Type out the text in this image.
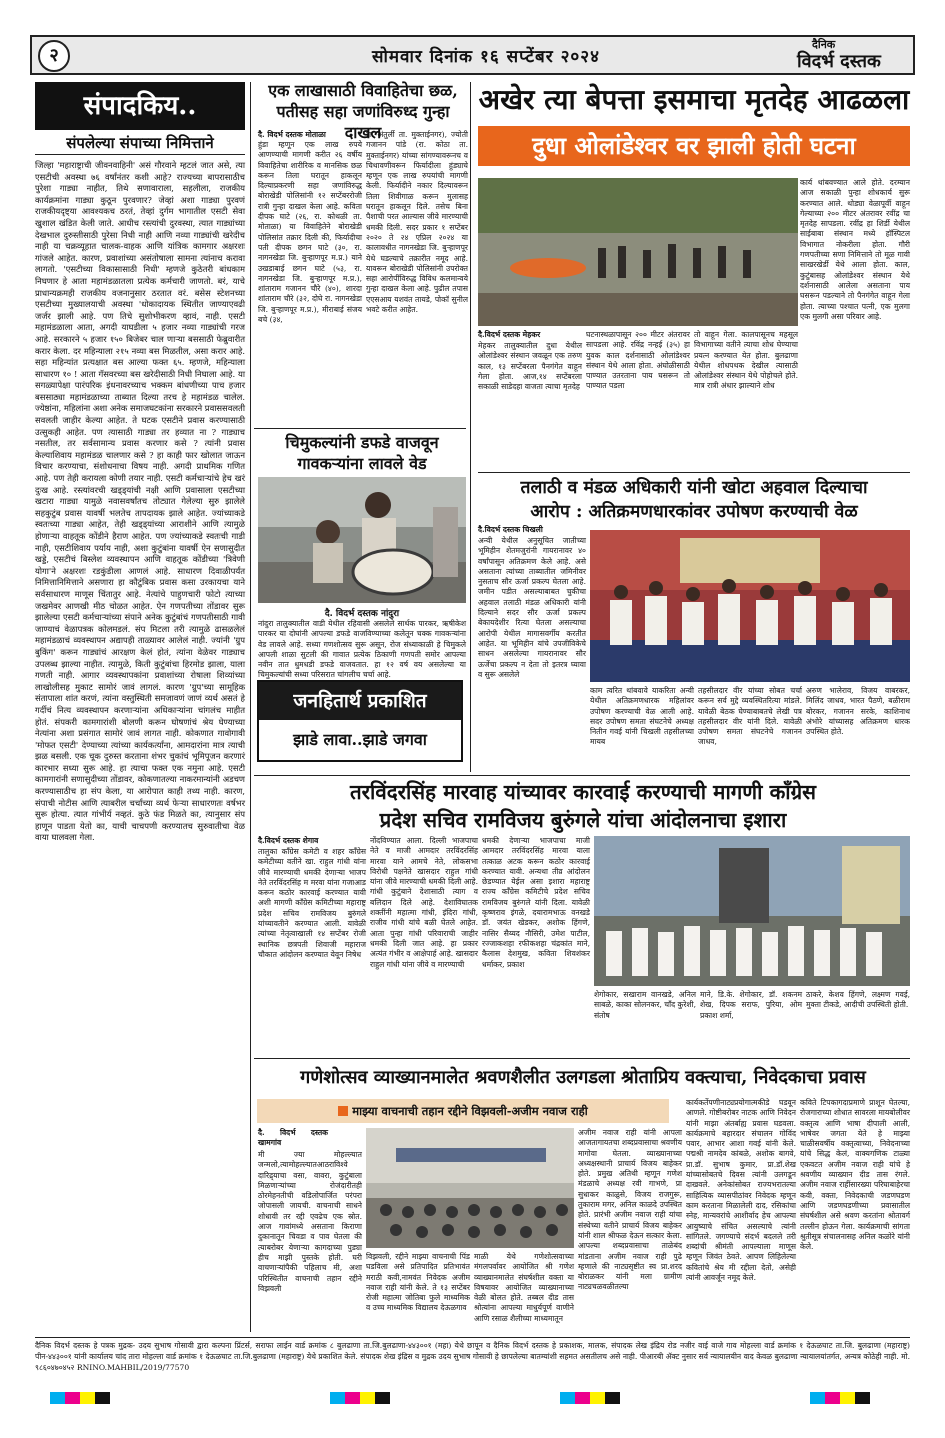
२	सोमवार दिनांक १६ सप्टेंबर २०२४
दैनिक
विदर्भ दस्तक
संपादकिय..
संपलेल्या संपाच्या निमित्ताने
जिल्हा 'महाराष्ट्राची जीवनवाहिनी' असं गौरवाने म्हटलं जात असे, त्या एसटीची अवस्था ७६ वर्षांनंतर कशी आहे? राज्यच्या बापरासाठीच पुरेशा गाड्या नाहीत, तिथे सणावाराला, सहलीला, राजकीय कार्यक्रमांना गाड्या कुठून पुरवणार? जेव्हां अशा गाड्या पुरवणं राजकीयदृष्ट्या आवश्यकच ठरतं, तेव्हां दुर्गम भागातील एसटी सेवा खुशाल खंडित केली जाते. आधीच रस्त्यांची दुरवस्था, त्यात गाड्यांच्या देखभाल दुरुस्तीसाठी पुरेसा निधी नाही आणि नव्या गाड्यांची खरेदीच नाही या चक्रव्यूहात चालक-वाहक आणि यांत्रिक कामगार अक्षरशः गांजले आहेत. कारण, प्रवाशांच्या असंतोषाला सामना त्यांनाच करावा लागतो. 'एसटीच्या विकासासाठी निधी' म्हणजे कुठेतरी बांधकाम निघणार हे आता महामंडळातला प्रत्येक कर्मचारी जाणतो. बरं, याचे प्राधान्यक्रमही राजकीय वजनानुसार ठरतात वरं. बसेस स्टेशनच्या एसटीच्या मुख्यालयाची अवस्था 'धोकादायक स्थितीत जाण्याएवढी जर्जर झाली आहे. पण तिचे सुशोभीकरण व्हावं, नाही. एसटी महामंडळाला आता, अगदी याघडीला ५ हजार नव्या गाड्यांची गरज आहे. सरकारने ५ हजार १५० बिजेबर चाल णाऱ्या बससाठी फेब्रुवारीत करार केला. दर महिन्याला २१५ नव्या बस मिळतील, असा करार आहे. सहा महिन्यांत प्रत्यक्षात बस आल्या फक्त ६५. म्हणजे, महिन्याला साधारण १० ! आता गॅसवरच्या बस खरेदीसाठी निधी निघाला आहे. या सगळ्यापेक्षा पारंपरिक इंधनावरच्याच भक्कम बांधणीच्या पाच हजार बससाठ्या महामंडळाच्या ताब्यात दिल्या तरच हे महामंडळ चालेल. ज्येष्ठांना, महिलांना अशा अनेक समाजघटकांना सरकारने प्रवाससवलती सवलती जाहीर केल्या आहेत. ते घटक एसटीने प्रवास करण्यासाठी उत्सुकही आहेत. पण त्यासाठी गाड्या तर हव्यात ना ? गाड्याच नसतील, तर सर्वसामान्य प्रवास करणार कसे ? त्यांनी प्रवास केल्याशिवाय महामंडळ चालणार कसे ? हा काही फार खोलात जाऊन विचार करण्याचा, संशोधनाचा विषय नाही. अगदी प्राथमिक गणित आहे. पण तेही करायला कोणी तयार नाही. एसटी कर्मचाऱ्यांचे हेच खरं दुःख आहे. रस्त्यांवरची खड्ड्यांची नक्षी आणि प्रवासाला एसटीच्या खटारा गाड्या यामुळे नवासवर्षांतच तोट्यात गेलेल्या सुरु झालेले सहकुटुंब प्रवास यावर्षी भलतेच तापदायक झाले आहेत. ज्यांच्याकडे स्वतःच्या गाड्या आहेत, तेही खड्ड्यांच्या आराशीने आणि त्यामुळे होणाऱ्या वाहतूक कोंडीने हैराण आहेत. पण ज्यांच्याकडे स्वतःची गाडी नाही, एसटीशिवाय पर्याय नाही, अशा कुटुंबांना यावर्षी ऐन सणासुदीत खड्डे, एसटीचं बिस्लेश व्यवस्थापन आणि वाहतूक कोंडीच्या 'त्रिवेणी योगा'ने अक्षरशः रडकुंडीला आणलं आहे. साधारण दिवाळीपर्यंत निमित्तानिमित्ताने असणारा हा कौटुंबिक प्रवास कसा उरकायचा याने सर्वसाधारण माणूस चिंतातुर आहे. नेत्यांचे पाहुणचारी फोटो त्याच्या जखमेवर आणखी मीठ चोळत आहेत. ऐन गणपतीच्या तोंडावर सुरू झालेल्या एसटी कर्मचाऱ्यांच्या संपाने अनेक कुटुंबांचं गणपतीसाठी गावी जाण्याचं वेळापत्रक कोलमडलं. संप मिटला तरी त्यामुळे ढासळलेलं महामंडळाचं व्यवस्थापन अद्यापही ताळ्यावर आलेलं नाही. ज्यांनी 'ग्रुप बुकिंग' करून गाड्यांचं आरक्षण केलं होतं, त्यांना वेळेवर गाड्याच उपलब्ध झाल्या नाहीत. त्यामुळे, किती कुटुंबांचा हिरमोड झाला, याला गणती नाही. आगार व्यवस्थापकांना प्रवाशांच्या रोषाला शिव्यांच्या लाखोलीसह मुकाट सामोरं जावं लागलं. कारण 'ग्रुप'च्या सामूहिक संतापाला शांत करणं, त्यांना वस्तुस्थिती समजावणं जाणं व्यर्थ असतं हे गर्दीचं नित्य व्यवस्थापन करणाऱ्यांना अधिकाऱ्यांना चांगलंच माहीत होतं. संपकरी कामगारांशी बोलणी करून घोषणांचं श्रेय घेण्याच्या नेत्यांना अशा प्रसंगात सामोरं जावं लागत नाही. कोकणात गावोगावी 'मोफत एसटी' देण्याच्या त्यांच्या कार्यकर्त्यांना, आमदारांना मात्र त्याची झळ बसली. एक चूक दुरुस्त करताना शंभर चुकांचं भूमिपूजन करणारं कारभार सध्या सुरू आहे. हा त्याचा फक्त एक नमुना आहे. एसटी कामगारांनी सणासुदीच्या तोंडावर, कोकणातल्या नाकरमान्यांनी अडचण करण्यासाठीच हा संप केला, या आरोपात काही तथ्य नाही. कारण, संपाची नोटीस आणि त्याबरील चर्चांच्या व्यर्थ फेऱ्या साधारणतः वर्षभर सुरू होत्या. त्यात गांभीर्य नव्हतं. कुठे फंड मिळते का, त्यानुसार संप हाणून पाडता येतो का, याची चाचपणी करण्यातच सुरुवातीचा वेळ वाया घालवला गेला.
एक लाखासाठी विवाहितेचा छळ,
पतीसह सहा जणांविरुध्द गुन्हा दाखल
दै. विदर्भ दस्तक मोताळा
हुंडा म्हणून एक लाख रुपये आणण्याची मागणी करीत २६ वर्षीय विवाहितेचा शारीरिक व मानसिक छळ करून तिला घरातून हाकलून दिल्याप्रकरणी सहा जणांविरुद्ध बोराखेडी पोलिसांनी १२ सप्टेंबररोजी रात्री गुन्हा दाखल केला आहे. कविता दीपक घाटे (२६, रा. कोथळी ता. मोताळा) या विवाहितेने बोराखेडी पोलिसांत तक्रार दिली की, फिर्यादीचा पती दीपक छगन घाटे (३०, रा. नागनखेडा जि. बुऱ्हाणपूर म.प्र.) याने उखडाबाई छगन घाटे (५३, रा. नागनखेडा जि. बुऱ्हाणपूर म.प्र.), शांताराम गजानन चौरे (४०), शारदा शांताराम चौरे (३२, दोघे रा. नागनखेडा जि. बुऱ्हाणपूर म.प्र.), मीराबाई संजय बचे (३४,
रा. अंतुर्ली ता. मुक्ताईनगर), ज्योती गजानन पांडे (रा. कोठा ता. मुक्ताईनगर) यांच्या सांगण्यावरूनच व चिथावणीवरून फिर्यादीला हुंड्याचे म्हणून एक लाख रुपयांची मागणी केली. फिर्यादीने नकार दिल्यावरून तिला शिवीगाळ करून मुलासह घरातून हाकलून दिले. तसेच बिना पैशाची परत आल्यास जीवे मारण्याची धमकी दिली. सदर प्रकार १ सप्टेंबर २०२० ते २४ एप्रिल २०२४ या कालावधीत नागनखेडा जि. बुऱ्हाणपूर येथे घडल्याचे तक्रारीत नमूद आहे. यावरून बोराखेडी पोलिसांनी उपरोक्त सहा आरोपींविरुद्ध विविध कलमान्वये गुन्हा दाखल केला आहे. पुढील तपास एएसआय यशवंत तायडे, पोकॉ सुनील भवटे करीत आहेत.
चिमुकल्यांनी डफडे वाजवून
गावकऱ्यांना लावले वेड
दै. विदर्भ दस्तक नांदुरा
नांदुरा तालुक्यातील वाडी येथील रहिवासी असलेले सार्थक पारकर, ऋषीकेश पारकर या दोघांनी आपल्या डफडे वाजविण्याच्या कलेतून चक्क गावकऱ्यांना वेड लावले आहे. सध्या गणशोत्सव सुरू असून, रोज संध्याकाळी हे चिमुकले आपली शाळा सुटली की गावात प्रत्येक ठिकाणी गणपती समोर आपल्या नवीन तात धुमधडी डफडे वाजवतात. हा १२ वर्ष वय असलेल्या या चिमुकल्यांची सध्या परिसरात चांगलीच चर्चा आहे.
जनहितार्थ प्रकाशित
झाडे लावा..झाडे जगवा
अखेर त्या बेपत्ता इसमाचा मृतदेह आढळला
दुधा ओलांडेश्वर वर झाली होती घटना
कार्य थांबवण्यात आले होते. दरम्यान आज सकाळी पुन्हा शोधकार्य सुरू करण्यात आले. थोड्या वेळापूर्वी वाहून गेल्याच्या २०० मीटर अंतरावर रवींद्र चा मृतदेह सापडला. रवींद्र हा शिर्डी येथील साईबाबा संस्थान मध्ये हॉस्पिटल विभागात नोकरीला होता. गौरी गणपतीच्या सणा निमित्ताने तो मूळ गावी साखरखेर्डी येथे आला होता. काल, कुटुंबासह ओलांडेश्वर संस्थान येथे दर्शनासाठी आलेला असताना पाय घसरून पडल्याने तो पैनगंगेत वाहून गेला होता. त्याच्या पश्चात पत्नी, एक मुलगा एक मुलगी असा परिवार आहे.
दै.विदर्भ दस्तक मेहकर
मेहकर तालुक्यातील दुधा येथील ओलांडेश्वर संस्थान जवळून एक तरुण काल, १३ सप्टेंबरला पैनगंगेत वाहून गेला होता. आज,१४ सप्टेंबरला सकाळी साडेदहा वाजता त्याचा मृतदेह
घटनास्थळापासून २०० मीटर अंतरावर सापडला आहे. रविंद्र नन्हई (३५) हा युवक काल दर्शनासाठी ओलांडेश्वर संस्थान येथे आला होता. अंघोळीसाठी पाण्यात उतरताना पाय घसरून तो पाण्यात पडला
तो वाहून गेला. कालपासूनच महसूल विभागाच्या वतीने त्याचा शोध घेण्याचा प्रयत्न करण्यात येत होता. बुलढाणा येथील शोधपथक देखील त्यासाठी ओलांडेश्वर संस्थान येथे पोहोचले होते. मात्र रात्री अंधार झाल्याने शोध
तलाठी व मंडळ अधिकारी यांनी खोटा अहवाल दिल्याचा
आरोप : अतिक्रमणधारकांवर उपोषण करण्याची वेळ
दै.विदर्भ दस्तक चिखली
अन्वी येथील अनुसूचित जातीच्या भूमिहीन शेतमजुरांनी गायरानावर ४० वर्षांपासून अतिक्रमण केले आहे. असे असताना त्यांच्या ताब्यातील जमिनीवर नुसताच सौर ऊर्जा प्रकल्प घेतला आहे. जमीन पडीत असल्याबाबत चुकीचा अहवाल तलाठी मंडळ अधिकारी यांनी दिल्याने सदर सौर ऊर्जा प्रकल्प बेकायदेशीर रित्या घेतला असल्याचा आरोपी येथील मागासवर्गीय करतीत आहेत. या भूमिहीन यांचे उपजीविकेचे साधन असलेल्या गायरानावर सौर ऊर्जेचा प्रकल्प न देता तो इतरत्र घ्यावा व सुरू असलेले
काम त्वरित थांबवावे याकरिता अन्वी येथील अतिक्रमणधारक महिलांवर उपोषण करण्याची वेळ आली आहे. सदर उपोषण समता संघटनेचे अध्यक्ष नितीन गवई यांनी चिखली तहसीलच्या मायब
तहसीलदार वीर यांच्या सोबत चर्चा करून सर्व मुद्दे व्यवस्थितरित्या मांडले. यावेळी बेठक घेण्याबाबतचे लेखी पत्र तहसीलदार वीर यांनी दिले. यावेळी उपोषण समता संघटनेचे गजानन जाधव,
अरुण भालेराव, विजय वाबरकर, मिलिंद जाधव, भारत पैठणे, बळीराम बोरकर, गजानन सरके, काशिनाथ अंभोरे यांच्यासह अतिक्रमण धारक उपस्थित होते.
तरविंदरसिंह मारवाह यांच्यावर कारवाई करण्याची मागणी काँग्रेस
प्रदेश सचिव रामविजय बुरुंगले यांचा आंदोलनाचा इशारा
दै.विदर्भ दस्तक शेगाव
तालुका काँग्रेस कमेटी व शहर काँग्रेस कमेटीच्या वतीने खा. राहुल गांधी यांना जीवे मारण्याची धमकी देणाऱ्या भाजप नेते तरविंदरसिंह म मरवा यांना गजाआड करून कठोर कारवाई करण्यात यावी अशी मागणी काँग्रेस कमिटीच्या महाराष्ट्र प्रदेश सचिव रामविजय बुरुंगले यांच्यावतीने करण्यात आली. यावेळी त्यांच्या नेतृत्वाखाली १४ सप्टेंबर रोजी स्थानिक छत्रपती शिवाजी महाराज चौकात आंदोलन करण्यात येवून निषेध
नोंदविण्यात आला. दिल्ली भाजपाचा नेते व माजी आमदार तरविंदरसिंह मारवा याने आमचे नेते, लोकसभा विरोधी पक्षनेते खासदार राहुल गांधी यांना जीवे मारण्याची धमकी दिली आहे. गांधी कुटुंबाने देशासाठी त्याग व बलिदान दिले आहे. देशाविघातक शक्तींनी महात्मा गांधी, इंदिरा गांधी, राजीव गांधी यांचे बळी घेतले आहेत. आता पुन्हा गांधी परिवाराची जाहीर धमकी दिली जात आहे. हा प्रकार अत्यंत गंभीर व आक्षेपार्ह आहे. खासदार राहुल गांधी यांना जीवे व मारण्याची
धमकी देणाऱ्या भाजपाचा माजी आमदार तरविंदरसिंह मारवा याला तत्काळ अटक करून कठोर कारवाई करण्यात यावी. अन्यथा तीव्र आंदोलन छेडण्यात येईल असा इशारा महाराष्ट्र राज्य काँग्रेस कमिटीचे प्रदेश सचिव रामविजय बुरुंगले यांनी दिला. यावेळी कृष्णराव इंगळे, दयारामभाऊ वनखडे डॉ. जयंत खेडकर, अशोक हिंगणे, नासिर सैय्यद नौसिरी, उमेश पाटील, रज्जाकशहा रफीकशहा चंद्रकांत माने, कैलास देशमुख, कविता शिवशंकर धर्माकर, प्रकाश
शेगोकार, सखाराम वानखडे, अनिल साबळे, काका सोलनकर, चाँद कुरेशी, संतोष
माने, डि.के. शेगोकार, डॉ. शकनम शेख, दिपक सराफ, पुरिया, ओम प्रकाश शर्मा,
ठाकरे, केशव हिंगणे, लक्ष्मण गवई, मुक्ता टीकडे, आदीची उपस्थिती होती.
गणेशोत्सव व्याख्यानमालेत श्रवणशैलीत उलगडला श्रोताप्रिय वक्त्याचा, निवेदकाचा प्रवास
माझ्या वाचनाची तहान रद्दीने विझवली-अजीम नवाज राही
दै. विदर्भ दस्तक खामगांव
मी ज्या मोहल्ल्यात जन्मलो,त्यामोहल्ल्यातआठराविश्वे दारिद्र्याचा वसा, वावरा, कुटुंबाला मिळणाऱ्यांच्या रोजंदारीतही ठोरमेहनतीची वडिलोपार्जित परंपरा जोपासली जायची. वाचनाची साधने शोधावी तर रद्दी एवढेच एक स्रोत. आज गावांमध्ये असताना किराणा दुकानातून चिवडा व पाव घेतला की त्याबरोबर येणाऱ्या कागदाच्या पुड्या हीच माझी पुस्तके होती. घरी वाचणाऱ्यांपैकी पहिलाच मी, अशा परिस्थितीत वाचनाची तहान रद्दीने विझवली
विझवली, रद्दीने माझ्या वाचनाची पिंड घडविला असे प्रतिपादित प्रतिभावंत मराठी कवी,नामवंत निवेदक अजीम नवाज राही यांनी केले. ते १३ सप्टेंबर रोजी महात्मा जोतिबा फुले माध्यमिक व उच्च माध्यमिक विद्यालय देऊळगाव
माळी येथे गणेशोत्सवाच्या मंगलपर्वावर आयोजित श्री गणेश व्याख्यानमालेत संघर्षशील वक्ता या विषयावर आयोजित व्याख्यानाच्या वेळी बोलत होते. तब्बल दीड तास श्रोत्यांना आपल्या माधुर्यपूर्ण वाणीने आणि रसाळ शैलीच्या माध्यमातून
अजीम नवाज राही यांनी आपला आजतागायतचा शब्दप्रवासाचा श्रवणीय मागोवा घेतला. व्याख्यानाच्या अध्यक्षस्थानी प्राचार्य विजय बाहेकर होते. प्रमुख अतिथी म्हणून गणेश मंडळाचे अध्यक्ष रवी गाभणे, प्रा सुधाकर काळुसे, विजय राजगुरू, तुकाराम मगर, अनिल काळदे उपस्थित होते. प्रारंभी अजीम नवाज राही यांचा संस्थेच्या वतीने प्राचार्य विजय बाहेकर यांनी शाल श्रीफळ देऊन सत्कार केला. आपल्या शब्दप्रवासाचा ताळेबंद मांडताना अजीम नवाज राही पुढे म्हणाले की नाट्यसृष्टीत स्व प्रा.शरद बोराळकर यांनी मला ग्रामीण नाट्यचळवळीतल्या
कार्यकर्तेपणीनाट्यप्रयोगात्मकीडे घडवून आणले. गोष्टीबरोबर नाटक आणि निवेदन यांनी माझा अंतर्बाह्य प्रवास घडवला. कार्यक्रमाचे बहारदार संचालन गोविंद पवार, आभार आशा गवई यांनी केले. पद्मश्री नामदेव कांबळे, अशोक बागवे, प्रा.डॉ. सुभाष कुमार, प्रा.डॉ.शेख यांच्यासोबतचे दिवस त्यांनी उलगडून दाखवले. अनेकांसोबत राज्यभरातल्या साहित्यिक व्यासपीठांवर निवेदक म्हणून काम करताना मिळालेली दाद, रसिकांचा स्नेह, मान्यवरांचे आशीर्वाद हेच आपल्या आयुष्याचे संचित असल्याचे त्यांनी सांगितले. जगण्याचे संदर्भ बदलले तरी शब्दांची श्रीमंती आपल्याला माणूस म्हणून जिवंत ठेवते. आपण लिहिलेल्या कवितांचे श्रेय मी रद्दीला देतो, असेही त्यांनी आवर्जून नमूद केले.
कविते टिपकागदाप्रमाणे प्राशून घेतल्या, रोजगाराच्या शोधात सावरला मायबोलीवर वक्तृत्व आणि भाषा दीपाली आली, भाषेवर जगता येते हे माझ्या चाळीसवर्षीय वक्तृत्वाच्या, निवेदनाच्या यांचे सिद्ध केलं, वाक्यगणिक टाळ्या एकवटत अजीम नवाज राही यांचे हे श्रवणीय व्याख्यान दीड तास रंगले. अजीम नवाज राहींसारख्या परिघाबाहेरचा कवी, वक्ता, निवेदकाची जडणघडण आणि जडणघडणीच्या प्रवासातील संघर्षशील असे श्रवण करतांना श्रोतावर्ग तल्लीन होऊन गेला. कार्यक्रमाची सांगता श्रुतीसूत्र संचालनासह अनिल कळोरे यांनी केले.
दैनिक विदर्भ दस्तक हे पत्रक मुद्रक- उदय सुभाष गोसावी द्वारा कल्पना प्रिंटर्स, सराफा लाईन वार्ड क्रमांक ८ बुलढाणा ता.जि.बुलढाणा-४४३००१ (महा) येथे छापून व दैनिक विदर्भ दस्तक हे प्रकाशक, मालक, संपादक लेख इंद्रिय रोड नजीर वाई वाजे गाव मोहल्ला वार्ड क्रमांक १ देऊळघाट ता.जि. बुलढाणा (महाराष्ट्र) पीन-४४३००१ यांनी कार्यालय चांद तारा मोहल्ला वार्ड क्रमांक १ देऊळघाट ता.जि.बुलढाणा (महाराष्ट्र) येथे प्रकाशित केले. संपादक शेख इंद्रिस व मुद्रक उदय सुभाष गोसावी हे छापलेल्या बातम्यांशी सहमत असतीलच असे नाही. पीआरबी ॲक्ट नुसार सर्व न्यायालयीन वाद केवळ बुलढाणा न्यायालयांतर्गत, अन्यत्र कोठेही नाही. मो. ९८६०४७०४५२ RNINO.MAHBIL/2019/77570
